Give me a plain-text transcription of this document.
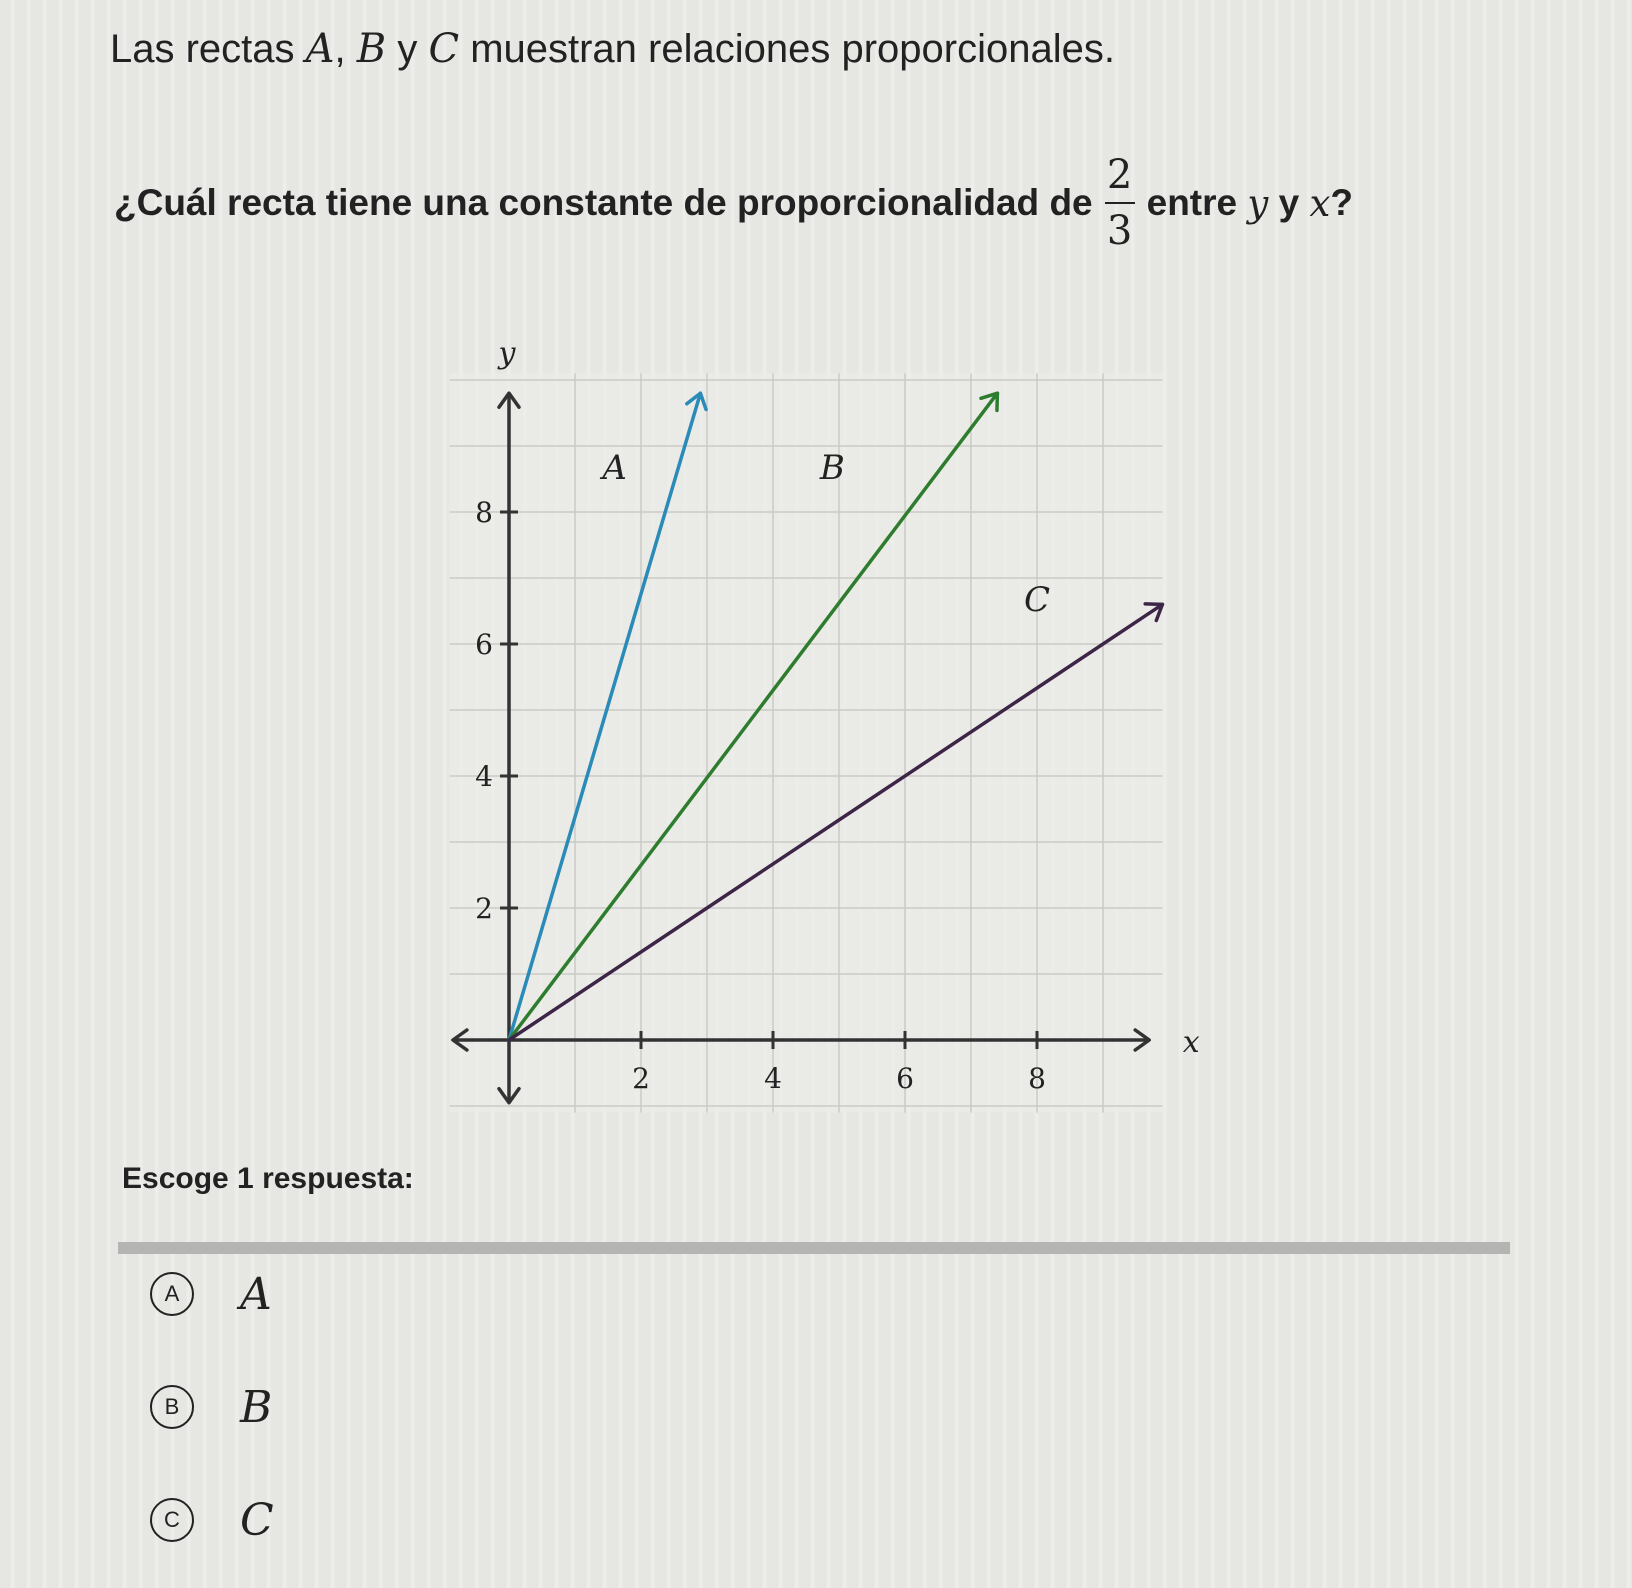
Las rectas A, B y C muestran relaciones proporcionales.
¿Cuál recta tiene una constante de proporcionalidad de $\frac{2}{3}$ entre
y
y
x ?
2	4	6	8
2
4
6
8
x
y
A	B
C
Escoge 1 respuesta:
A	A
B	B
C	C
